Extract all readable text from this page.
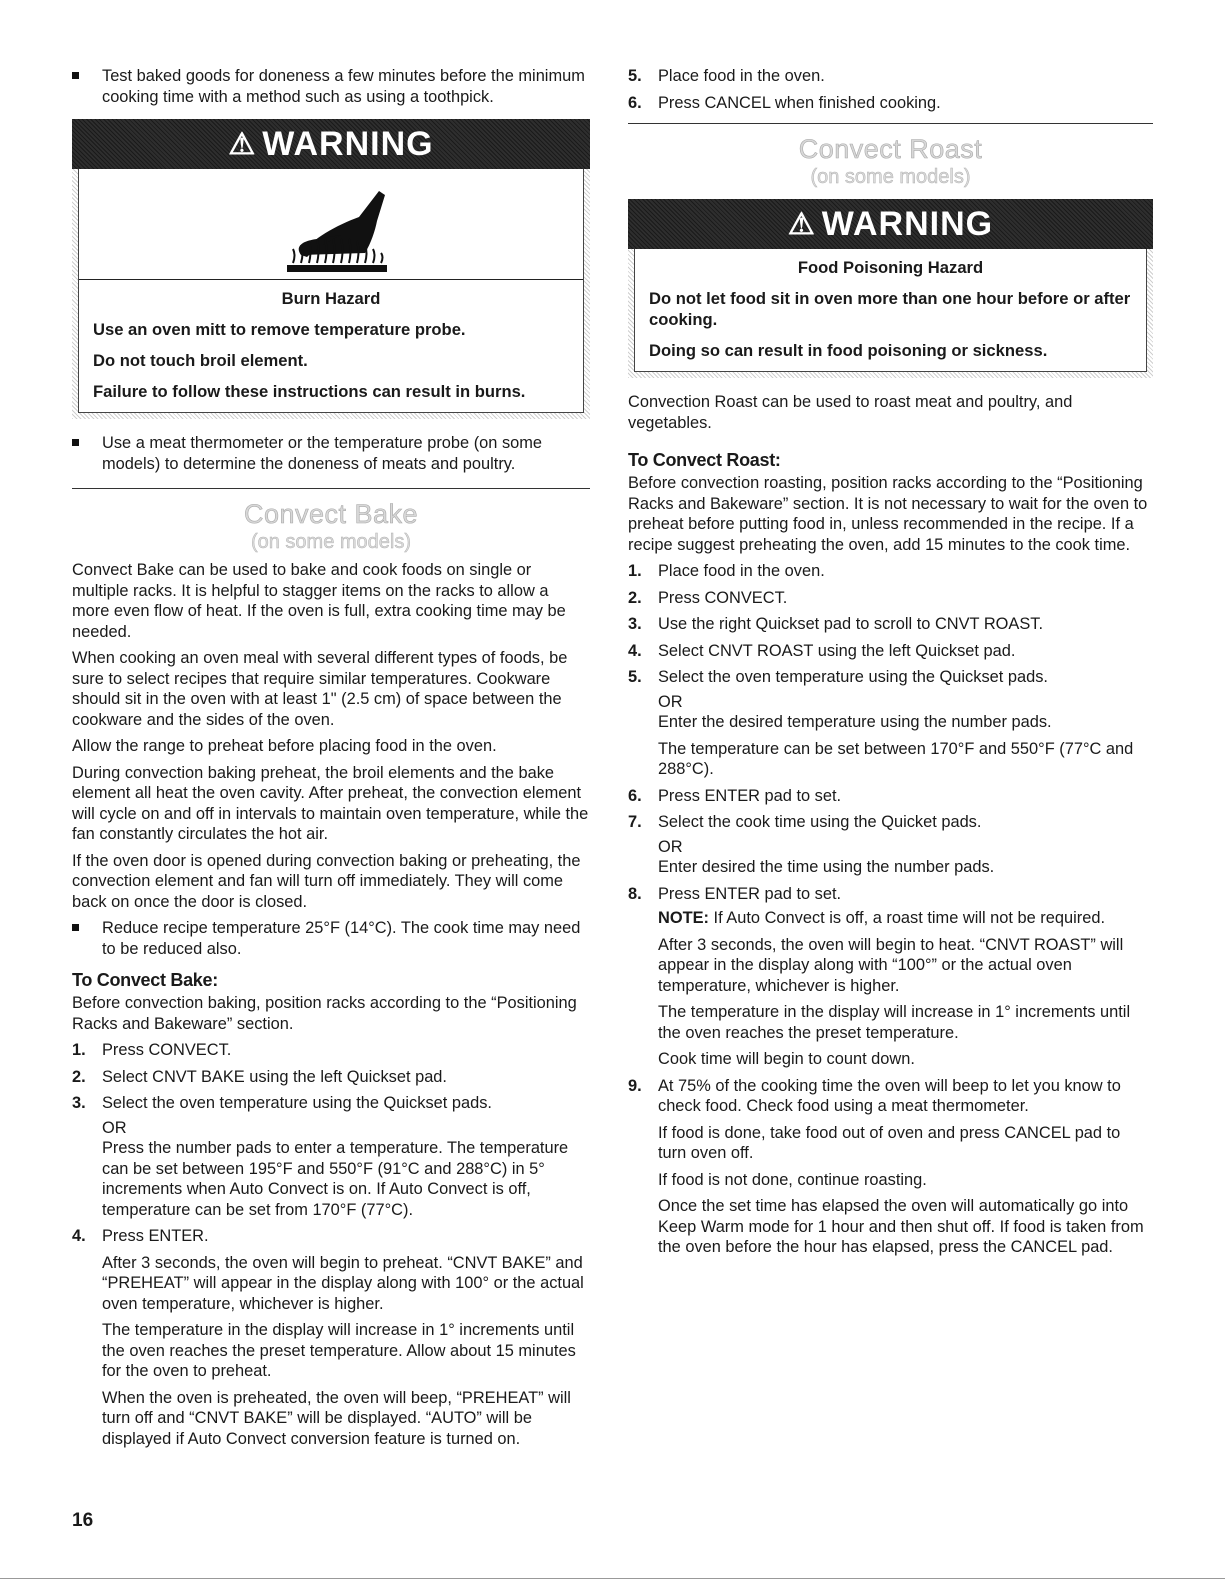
Test baked goods for doneness a few minutes before the minimum cooking time with a method such as using a toothpick.
⚠ WARNING
Burn Hazard

Use an oven mitt to remove temperature probe.

Do not touch broil element.

Failure to follow these instructions can result in burns.

Use a meat thermometer or the temperature probe (on some models) to determine the doneness of meats and poultry.
Convect Bake
(on some models)

Convect Bake can be used to bake and cook foods on single or multiple racks. It is helpful to stagger items on the racks to allow a more even flow of heat. If the oven is full, extra cooking time may be needed.

When cooking an oven meal with several different types of foods, be sure to select recipes that require similar temperatures. Cookware should sit in the oven with at least 1" (2.5 cm) of space between the cookware and the sides of the oven.

Allow the range to preheat before placing food in the oven.

During convection baking preheat, the broil elements and the bake element all heat the oven cavity. After preheat, the convection element will cycle on and off in intervals to maintain oven temperature, while the fan constantly circulates the hot air.

If the oven door is opened during convection baking or preheating, the convection element and fan will turn off immediately. They will come back on once the door is closed.

Reduce recipe temperature 25°F (14°C). The cook time may need to be reduced also.
To Convect Bake:

Before convection baking, position racks according to the “Positioning Racks and Bakeware” section.

1. Press CONVECT.
2. Select CNVT BAKE using the left Quickset pad.
3. Select the oven temperature using the Quickset pads.

OR

Press the number pads to enter a temperature. The temperature can be set between 195°F and 550°F (91°C and 288°C) in 5° increments when Auto Convect is on. If Auto Convect is off, temperature can be set from 170°F (77°C).

4. Press ENTER.

After 3 seconds, the oven will begin to preheat. “CNVT BAKE” and “PREHEAT” will appear in the display along with 100° or the actual oven temperature, whichever is higher.

The temperature in the display will increase in 1° increments until the oven reaches the preset temperature. Allow about 15 minutes for the oven to preheat.

When the oven is preheated, the oven will beep, “PREHEAT” will turn off and “CNVT BAKE” will be displayed. “AUTO” will be displayed if Auto Convect conversion feature is turned on.

5. Place food in the oven.
6. Press CANCEL when finished cooking.
Convect Roast
(on some models)
⚠ WARNING
Food Poisoning Hazard

Do not let food sit in oven more than one hour before or after cooking.

Doing so can result in food poisoning or sickness.

Convection Roast can be used to roast meat and poultry, and vegetables.

To Convect Roast:

Before convection roasting, position racks according to the “Positioning Racks and Bakeware” section. It is not necessary to wait for the oven to preheat before putting food in, unless recommended in the recipe. If a recipe suggest preheating the oven, add 15 minutes to the cook time.

1. Place food in the oven.
2. Press CONVECT.
3. Use the right Quickset pad to scroll to CNVT ROAST.
4. Select CNVT ROAST using the left Quickset pad.
5. Select the oven temperature using the Quickset pads.

OR

Enter the desired temperature using the number pads.

The temperature can be set between 170°F and 550°F (77°C and 288°C).

6. Press ENTER pad to set.
7. Select the cook time using the Quicket pads.

OR

Enter desired the time using the number pads.

8. Press ENTER pad to set.

NOTE: If Auto Convect is off, a roast time will not be required.

After 3 seconds, the oven will begin to heat. “CNVT ROAST” will appear in the display along with “100°” or the actual oven temperature, whichever is higher.

The temperature in the display will increase in 1° increments until the oven reaches the preset temperature.

Cook time will begin to count down.

9. At 75% of the cooking time the oven will beep to let you know to check food. Check food using a meat thermometer.

If food is done, take food out of oven and press CANCEL pad to turn oven off.

If food is not done, continue roasting.

Once the set time has elapsed the oven will automatically go into Keep Warm mode for 1 hour and then shut off. If food is taken from the oven before the hour has elapsed, press the CANCEL pad.

16
